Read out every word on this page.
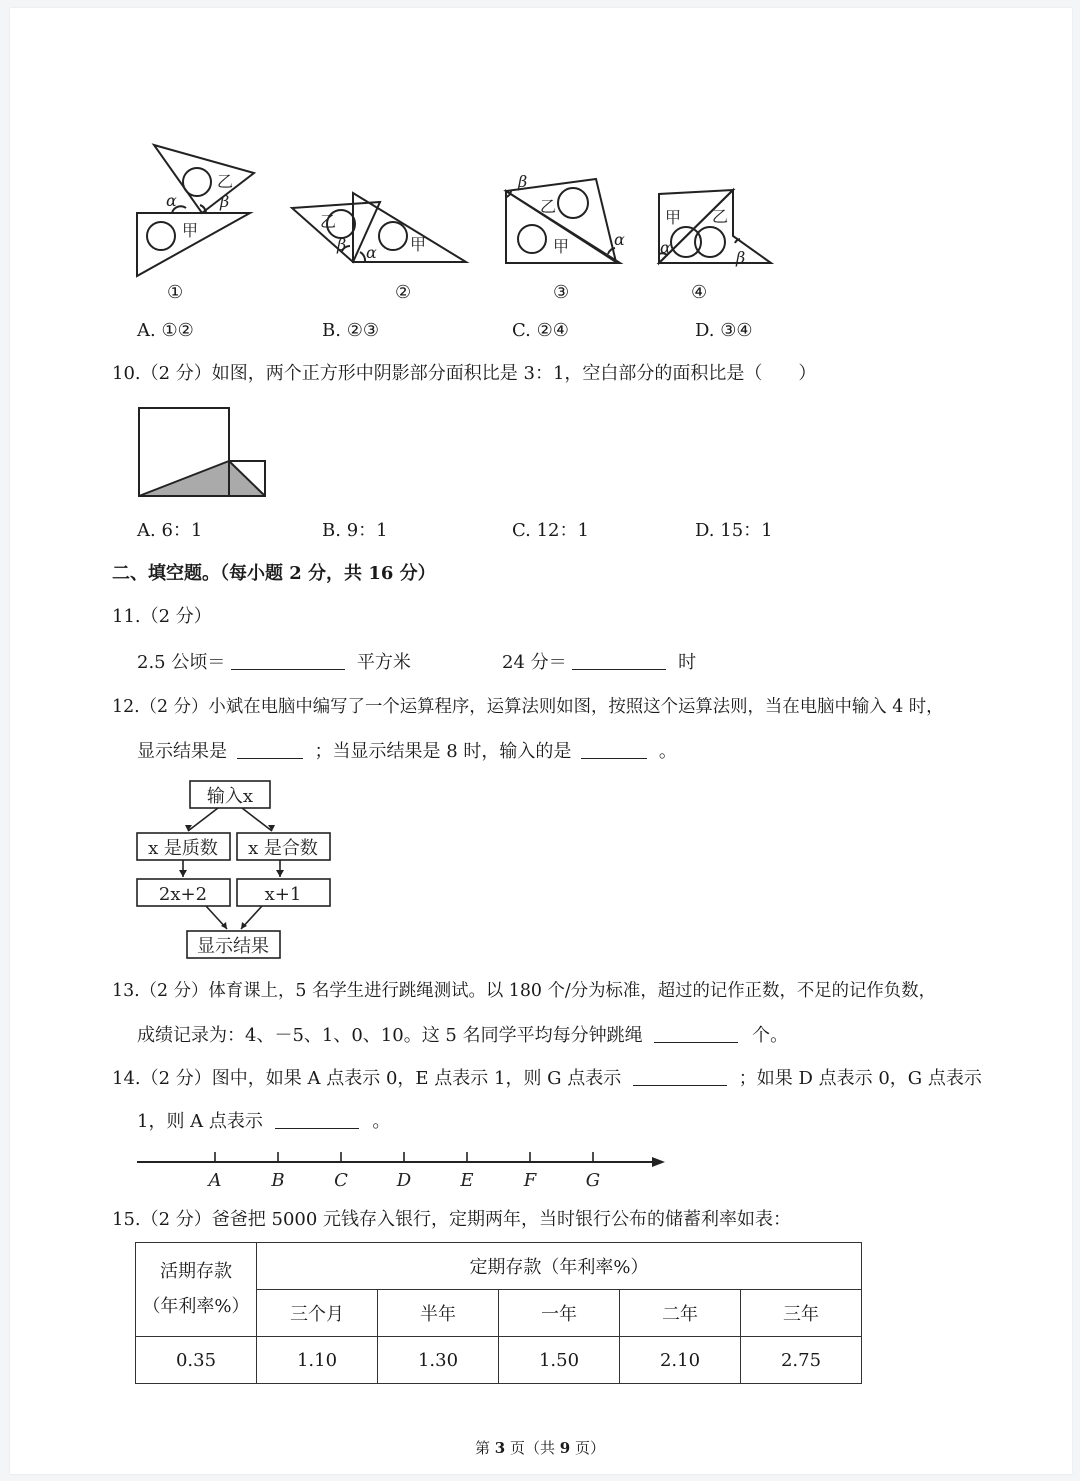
乙
甲
α	β
乙
甲
β α
乙
甲
β
α
甲 乙
α
β
①	②	③	④
A. ①②	B. ②③	C. ②④	D. ③④
10.（2 分）如图，两个正方形中阴影部分面积比是 3：1，空白部分的面积比是（　　）
A. 6：1	B. 9：1	C. 12：1	D. 15：1
二、填空题。（每小题 2 分，共 16 分）
11.（2 分）
2.5 公顷＝	平方米	24 分＝	时
12.（2 分）小斌在电脑中编写了一个运算程序，运算法则如图，按照这个运算法则，当在电脑中输入 4 时，
显示结果是	；当显示结果是 8 时，输入的是	。
输入x
x 是质数 x 是合数
2x+2	x+1
显示结果
13.（2 分）体育课上，5 名学生进行跳绳测试。以 180 个/分为标准，超过的记作正数，不足的记作负数，
成绩记录为：4、－5、1、0、10。这 5 名同学平均每分钟跳绳	个。
14.（2 分）图中，如果 A 点表示 0，E 点表示 1，则 G 点表示	；如果 D 点表示 0，G 点表示
1，则 A 点表示	。
A	B	C	D	E	F	G
15.（2 分）爸爸把 5000 元钱存入银行，定期两年，当时银行公布的储蓄利率如表：
活期存款
（年利率%）	定期存款（年利率%）				
	三个月	半年	一年	二年	三年
0.35	1.10	1.30	1.50	2.10	2.75
第 3 页（共 9 页）
